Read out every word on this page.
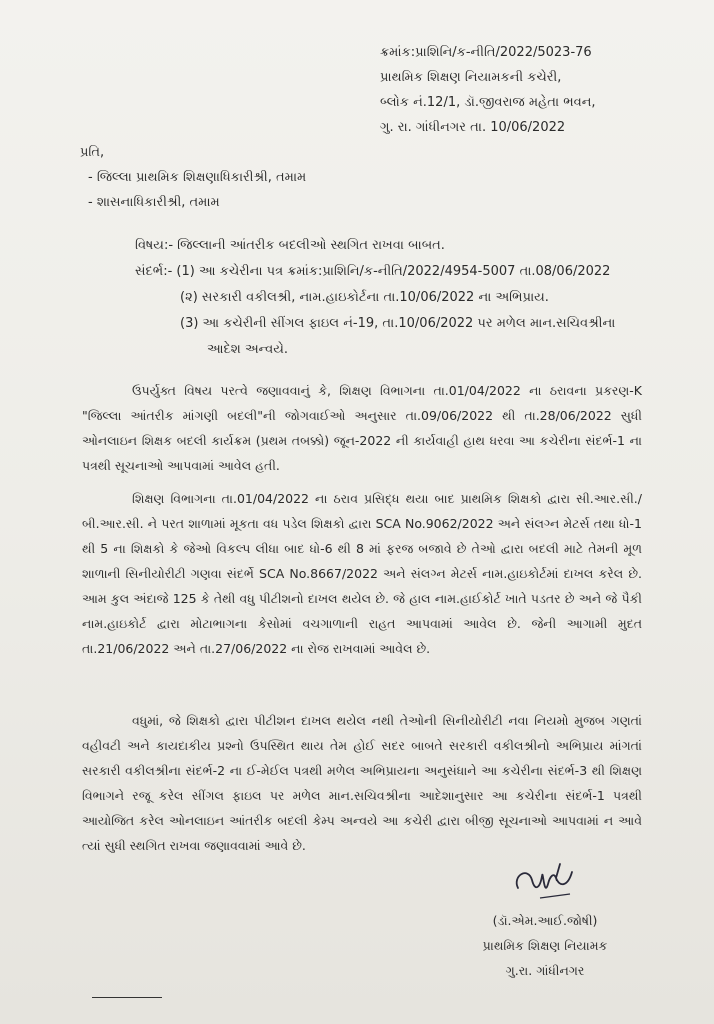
ક્રમાંક:પ્રાશિનિ/ક-નીતિ/2022/5023-76
પ્રાથમિક શિક્ષણ નિયામકની કચેરી,
બ્લોક નં.12/1, ડૉ.જીવરાજ મહેતા ભવન,
ગુ. રા. ગાંધીનગર તા. 10/06/2022
પ્રતિ,
- જિલ્લા પ્રાથમિક શિક્ષણાધિકારીશ્રી, તમામ
- શાસનાધિકારીશ્રી, તમામ
વિષય:- જિલ્લાની આંતરીક બદલીઓ સ્થગિત રાખવા બાબત.
સંદર્ભ:- (1) આ કચેરીના પત્ર ક્રમાંક:પ્રાશિનિ/ક-નીતિ/2022/4954-5007 તા.08/06/2022
(૨) સરકારી વકીલશ્રી, નામ.હાઇકોર્ટના તા.10/06/2022 ના અભિપ્રાય.
(3) આ કચેરીની સીંગલ ફાઇલ નં-19, તા.10/06/2022 પર મળેલ માન.સચિવશ્રીના
આદેશ અન્વયે.

ઉપર્યુક્ત વિષય પરત્વે જણાવવાનું કે, શિક્ષણ વિભાગના તા.01/04/2022 ના ઠરાવના પ્રકરણ-K "જિલ્લા આંતરીક માંગણી બદલી"ની જોગવાઈઓ અનુસાર તા.09/06/2022 થી તા.28/06/2022 સુધી ઓનલાઇન શિક્ષક બદલી કાર્યક્રમ (પ્રથમ તબક્કો) જૂન-2022 ની કાર્યવાહી હાથ ધરવા આ કચેરીના સંદર્ભ-1 ના પત્રથી સૂચનાઓ આપવામાં આવેલ હતી.

શિક્ષણ વિભાગના તા.01/04/2022 ના ઠરાવ પ્રસિદ્ધ થયા બાદ પ્રાથમિક શિક્ષકો દ્વારા સી.આર.સી./બી.આર.સી. ને પરત શાળામાં મૂકતા વધ પડેલ શિક્ષકો દ્વારા SCA No.9062/2022 અને સંલગ્ન મેટર્સ તથા ધો-1 થી 5 ના શિક્ષકો કે જેઓ વિકલ્પ લીધા બાદ ધો-6 થી 8 માં ફરજ બજાવે છે તેઓ દ્વારા બદલી માટે તેમની મૂળ શાળાની સિનીયોરીટી ગણવા સંદર્ભે SCA No.8667/2022 અને સંલગ્ન મેટર્સ નામ.હાઇકોર્ટમાં દાખલ કરેલ છે. આમ કુલ અંદાજે 125 કે તેથી વધુ પીટીશનો દાખલ થયેલ છે. જે હાલ નામ.હાઈકોર્ટ ખાતે પડતર છે અને જે પૈકી નામ.હાઇકોર્ટ દ્વારા મોટાભાગના કેસોમાં વચગાળાની રાહત આપવામાં આવેલ છે. જેની આગામી મુદત તા.21/06/2022 અને તા.27/06/2022 ના રોજ રાખવામાં આવેલ છે.

વધુમાં, જે શિક્ષકો દ્વારા પીટીશન દાખલ થયેલ નથી તેઓની સિનીયોરીટી નવા નિયમો મુજબ ગણતાં વહીવટી અને કાયદાકીય પ્રશ્નો ઉપસ્થિત થાય તેમ હોઈ સદર બાબતે સરકારી વકીલશ્રીનો અભિપ્રાય માંગતાં સરકારી વકીલશ્રીના સંદર્ભ-2 ના ઈ-મેઈલ પત્રથી મળેલ અભિપ્રાયના અનુસંધાને આ કચેરીના સંદર્ભ-3 થી શિક્ષણ વિભાગને રજૂ કરેલ સીંગલ ફાઇલ પર મળેલ માન.સચિવશ્રીના આદેશાનુસાર આ કચેરીના સંદર્ભ-1 પત્રથી આયોજિત કરેલ ઓનલાઇન આંતરીક બદલી કેમ્પ અન્વયે આ કચેરી દ્વારા બીજી સૂચનાઓ આપવામાં ન આવે ત્યાં સુધી સ્થગિત રાખવા જણાવવામાં આવે છે.

(ડૉ.એમ.આઈ.જોષી)
પ્રાથમિક શિક્ષણ નિયામક
ગુ.રા. ગાંધીનગર
